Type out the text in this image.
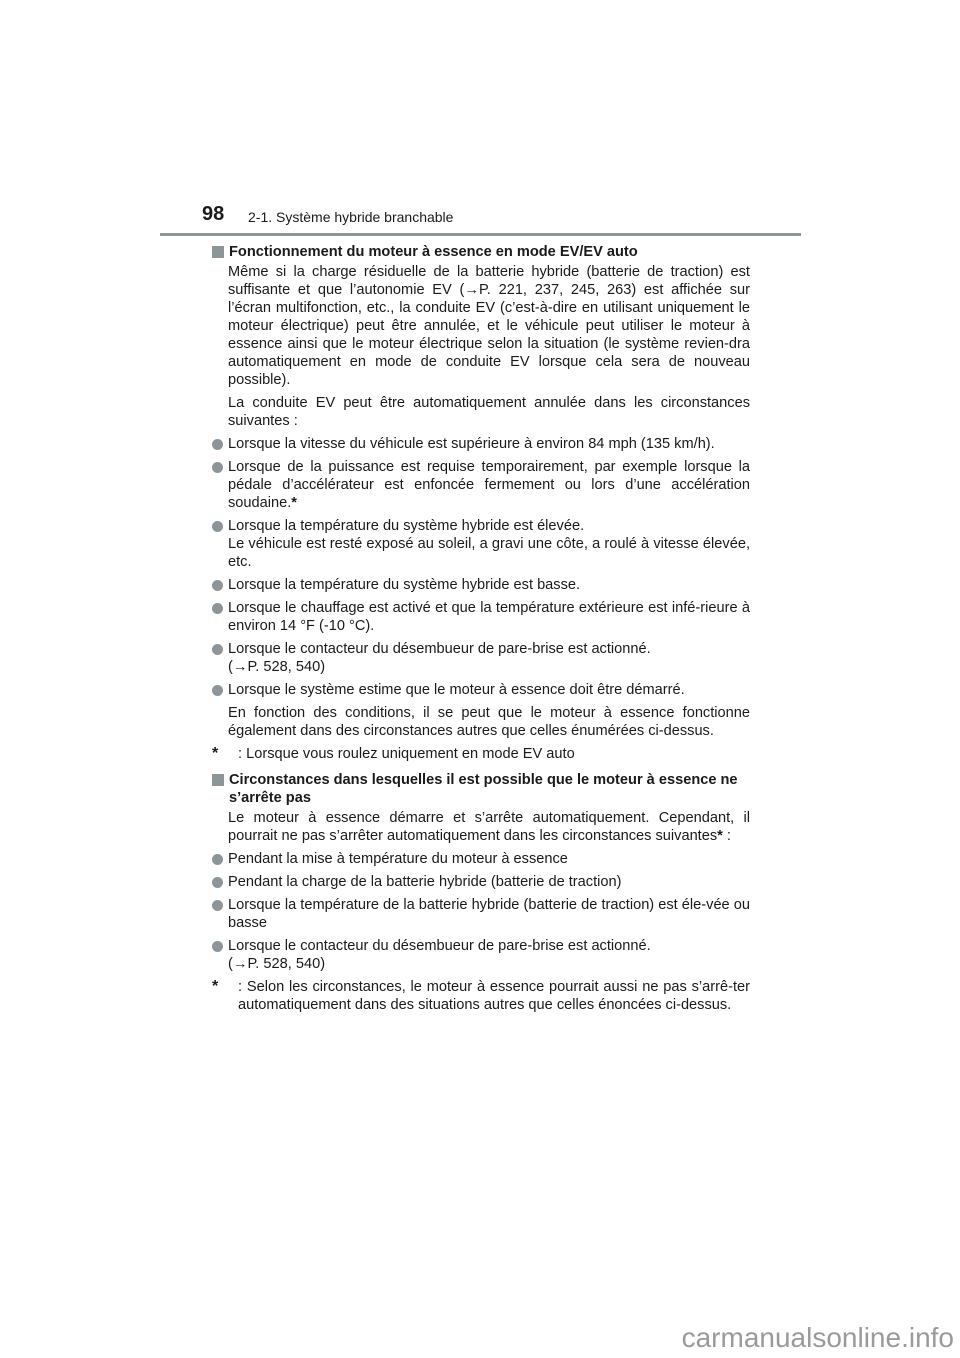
98 2-1. Système hybride branchable
Fonctionnement du moteur à essence en mode EV/EV auto
Même si la charge résiduelle de la batterie hybride (batterie de traction) est suffisante et que l’autonomie EV (→P. 221, 237, 245, 263) est affichée sur l’écran multifonction, etc., la conduite EV (c’est-à-dire en utilisant uniquement le moteur électrique) peut être annulée, et le véhicule peut utiliser le moteur à essence ainsi que le moteur électrique selon la situation (le système revien-dra automatiquement en mode de conduite EV lorsque cela sera de nouveau possible).
La conduite EV peut être automatiquement annulée dans les circonstances suivantes :
Lorsque la vitesse du véhicule est supérieure à environ 84 mph (135 km/h).
Lorsque de la puissance est requise temporairement, par exemple lorsque la pédale d’accélérateur est enfoncée fermement ou lors d’une accélération soudaine.*
Lorsque la température du système hybride est élevée.
Le véhicule est resté exposé au soleil, a gravi une côte, a roulé à vitesse élevée, etc.
Lorsque la température du système hybride est basse.
Lorsque le chauffage est activé et que la température extérieure est infé-rieure à environ 14 °F (-10 °C).
Lorsque le contacteur du désembueur de pare-brise est actionné.
(→P. 528, 540)
Lorsque le système estime que le moteur à essence doit être démarré.
En fonction des conditions, il se peut que le moteur à essence fonctionne également dans des circonstances autres que celles énumérées ci-dessus.
* : Lorsque vous roulez uniquement en mode EV auto
Circonstances dans lesquelles il est possible que le moteur à essence ne s’arrête pas
Le moteur à essence démarre et s’arrête automatiquement. Cependant, il pourrait ne pas s’arrêter automatiquement dans les circonstances suivantes* :
Pendant la mise à température du moteur à essence
Pendant la charge de la batterie hybride (batterie de traction)
Lorsque la température de la batterie hybride (batterie de traction) est éle-vée ou basse
Lorsque le contacteur du désembueur de pare-brise est actionné.
(→P. 528, 540)
* : Selon les circonstances, le moteur à essence pourrait aussi ne pas s’arrê-ter automatiquement dans des situations autres que celles énoncées ci-dessus.
carmanualsonline.info
